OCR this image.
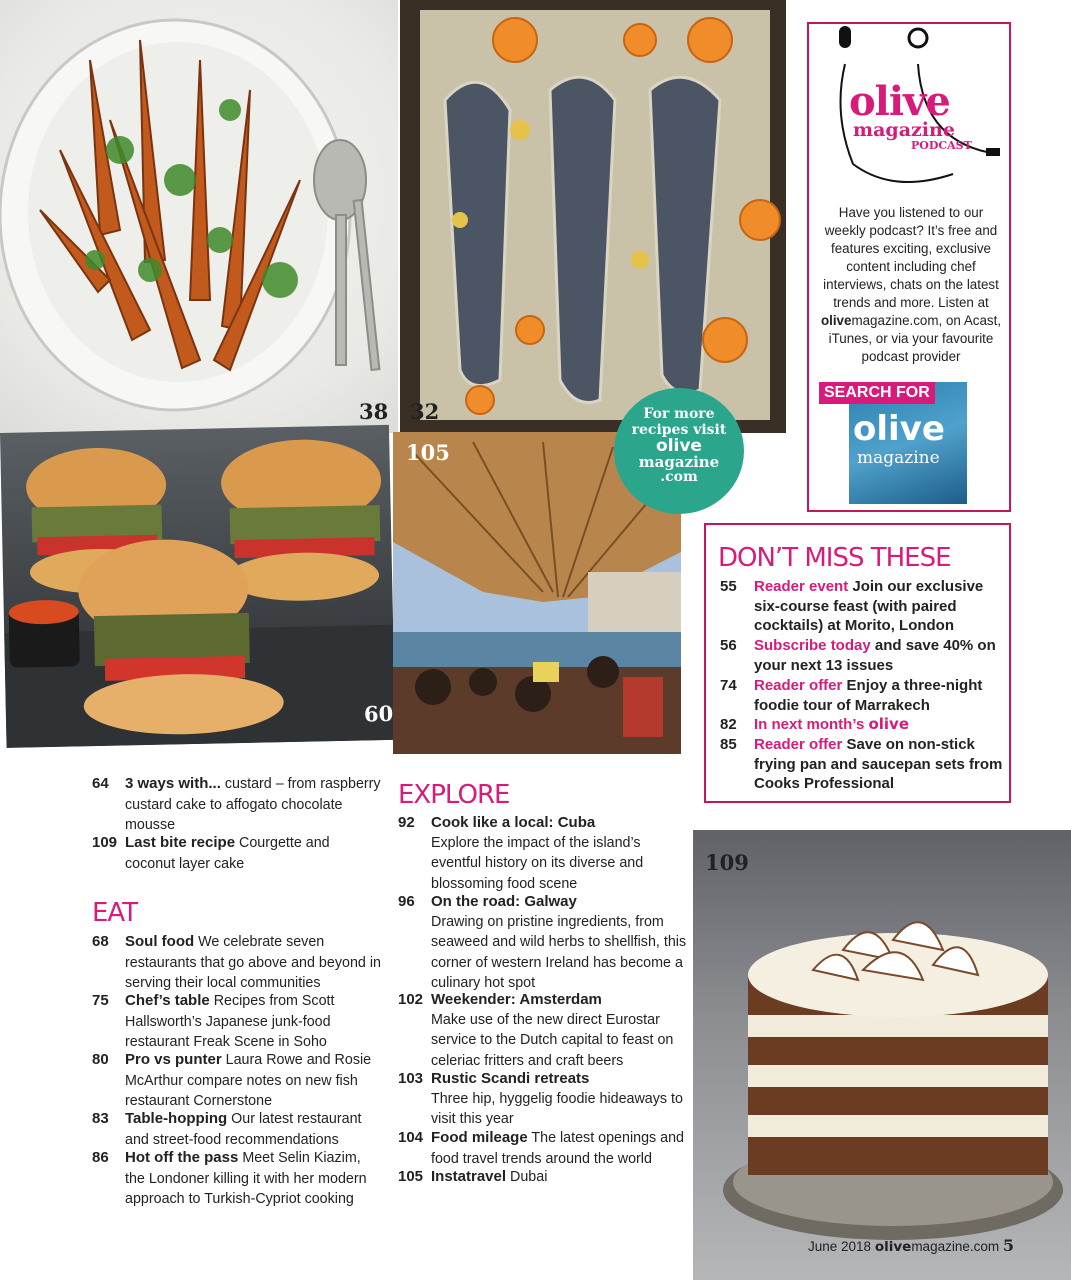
38 32
60
105
109
For more
recipes visit
olive
magazine
.com
olive
magazine
PODCAST
Have you listened to our weekly podcast? It’s free and features exciting, exclusive content including chef interviews, chats on the latest trends and more. Listen at olivemagazine.com, on Acast, iTunes, or via your favourite podcast provider
olive
magazine
SEARCH FOR
DON’T MISS THESE
55 Reader event Join our exclusive six-course feast (with paired cocktails) at Morito, London
56 Subscribe today and save 40% on your next 13 issues
74 Reader offer Enjoy a three-night foodie tour of Marrakech
82 In next month’s olive
85 Reader offer Save on non-stick frying pan and saucepan sets from Cooks Professional
64	3 ways with... custard – from raspberry custard cake to affogato chocolate mousse
109 Last bite recipe Courgette and coconut layer cake
EAT
68	Soul food We celebrate seven restaurants that go above and beyond in serving their local communities
75	Chef’s table Recipes from Scott Hallsworth’s Japanese junk-food restaurant Freak Scene in Soho
80	Pro vs punter Laura Rowe and Rosie McArthur compare notes on new fish restaurant Cornerstone
83	Table-hopping Our latest restaurant and street-food recommendations
86	Hot off the pass Meet Selin Kiazim, the Londoner killing it with her modern approach to Turkish-Cypriot cooking
EXPLORE
92	Cook like a local: Cuba
Explore the impact of the island’s eventful history on its diverse and blossoming food scene
96	On the road: Galway
Drawing on pristine ingredients, from seaweed and wild herbs to shellfish, this corner of western Ireland has become a culinary hot spot
102 Weekender: Amsterdam
Make use of the new direct Eurostar service to the Dutch capital to feast on celeriac fritters and craft beers
103 Rustic Scandi retreats
Three hip, hyggelig foodie hideaways to visit this year
104 Food mileage The latest openings and food travel trends around the world
105 Instatravel Dubai
June 2018 olivemagazine.com 5
